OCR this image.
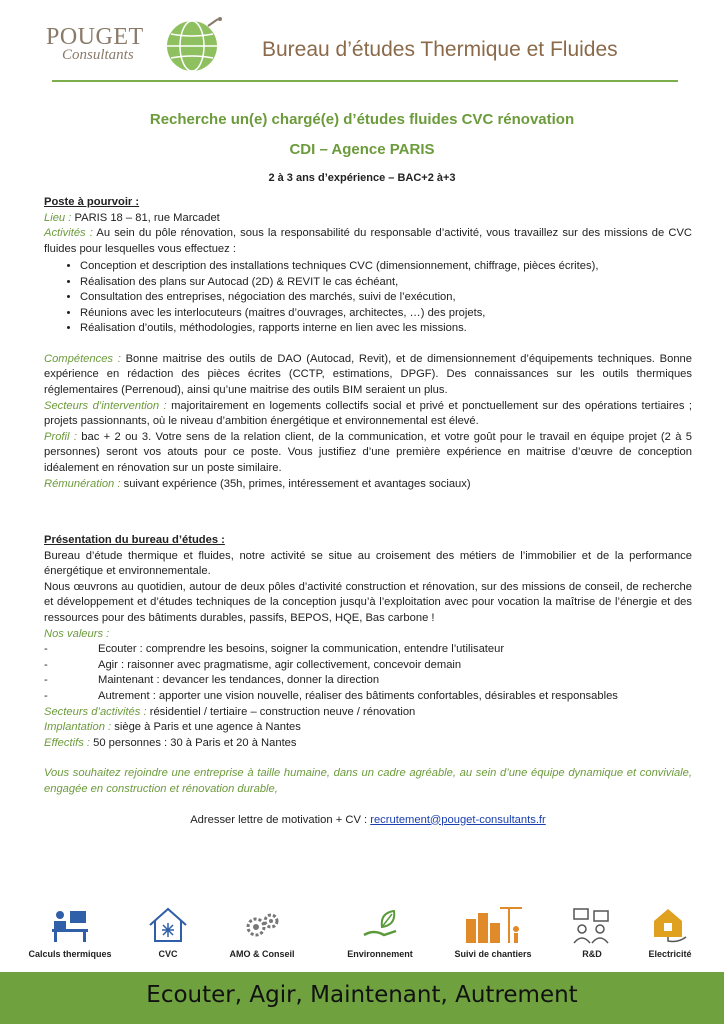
POUGET
Consultants	Bureau d’études Thermique et Fluides
Recherche un(e) chargé(e) d’études fluides CVC rénovation
CDI – Agence PARIS
2 à 3 ans d’expérience – BAC+2 à+3
Poste à pourvoir :
Lieu : PARIS 18 – 81, rue Marcadet
Activités : Au sein du pôle rénovation, sous la responsabilité du responsable d’activité, vous travaillez sur des missions de CVC fluides pour lesquelles vous effectuez :
• Conception et description des installations techniques CVC (dimensionnement, chiffrage, pièces écrites),
• Réalisation des plans sur Autocad (2D) & REVIT le cas échéant,
• Consultation des entreprises, négociation des marchés, suivi de l’exécution,
• Réunions avec les interlocuteurs (maitres d’ouvrages, architectes, …) des projets,
• Réalisation d’outils, méthodologies, rapports interne en lien avec les missions.
Compétences : Bonne maitrise des outils de DAO (Autocad, Revit), et de dimensionnement d’équipements techniques. Bonne expérience en rédaction des pièces écrites (CCTP, estimations, DPGF). Des connaissances sur les outils thermiques réglementaires (Perrenoud), ainsi qu’une maitrise des outils BIM seraient un plus.
Secteurs d’intervention : majoritairement en logements collectifs social et privé et ponctuellement sur des opérations tertiaires ; projets passionnants, où le niveau d’ambition énergétique et environnemental est élevé.
Profil : bac + 2 ou 3. Votre sens de la relation client, de la communication, et votre goût pour le travail en équipe projet (2 à 5 personnes) seront vos atouts pour ce poste. Vous justifiez d’une première expérience en maitrise d’œuvre de conception idéalement en rénovation sur un poste similaire.
Rémunération : suivant expérience (35h, primes, intéressement et avantages sociaux)
Présentation du bureau d’études :
Bureau d’étude thermique et fluides, notre activité se situe au croisement des métiers de l’immobilier et de la performance énergétique et environnementale.
Nous œuvrons au quotidien, autour de deux pôles d’activité construction et rénovation, sur des missions de conseil, de recherche et développement et d’études techniques de la conception jusqu’à l’exploitation avec pour vocation la maîtrise de l’énergie et des ressources pour des bâtiments durables, passifs, BEPOS, HQE, Bas carbone !
Nos valeurs :
-	Ecouter : comprendre les besoins, soigner la communication, entendre l’utilisateur
-	Agir : raisonner avec pragmatisme, agir collectivement, concevoir demain
-	Maintenant : devancer les tendances, donner la direction
-	Autrement : apporter une vision nouvelle, réaliser des bâtiments confortables, désirables et responsables
Secteurs d’activités : résidentiel / tertiaire – construction neuve / rénovation
Implantation : siège à Paris et une agence à Nantes
Effectifs : 50 personnes : 30 à Paris et 20 à Nantes
Vous souhaitez rejoindre une entreprise à taille humaine, dans un cadre agréable, au sein d’une équipe dynamique et conviviale, engagée en construction et rénovation durable,
Adresser lettre de motivation + CV : recrutement@pouget-consultants.fr
Calculs thermiques	CVC	AMO & Conseil	Environnement	Suivi de chantiers	R&D	Electricité
Ecouter, Agir, Maintenant, Autrement
